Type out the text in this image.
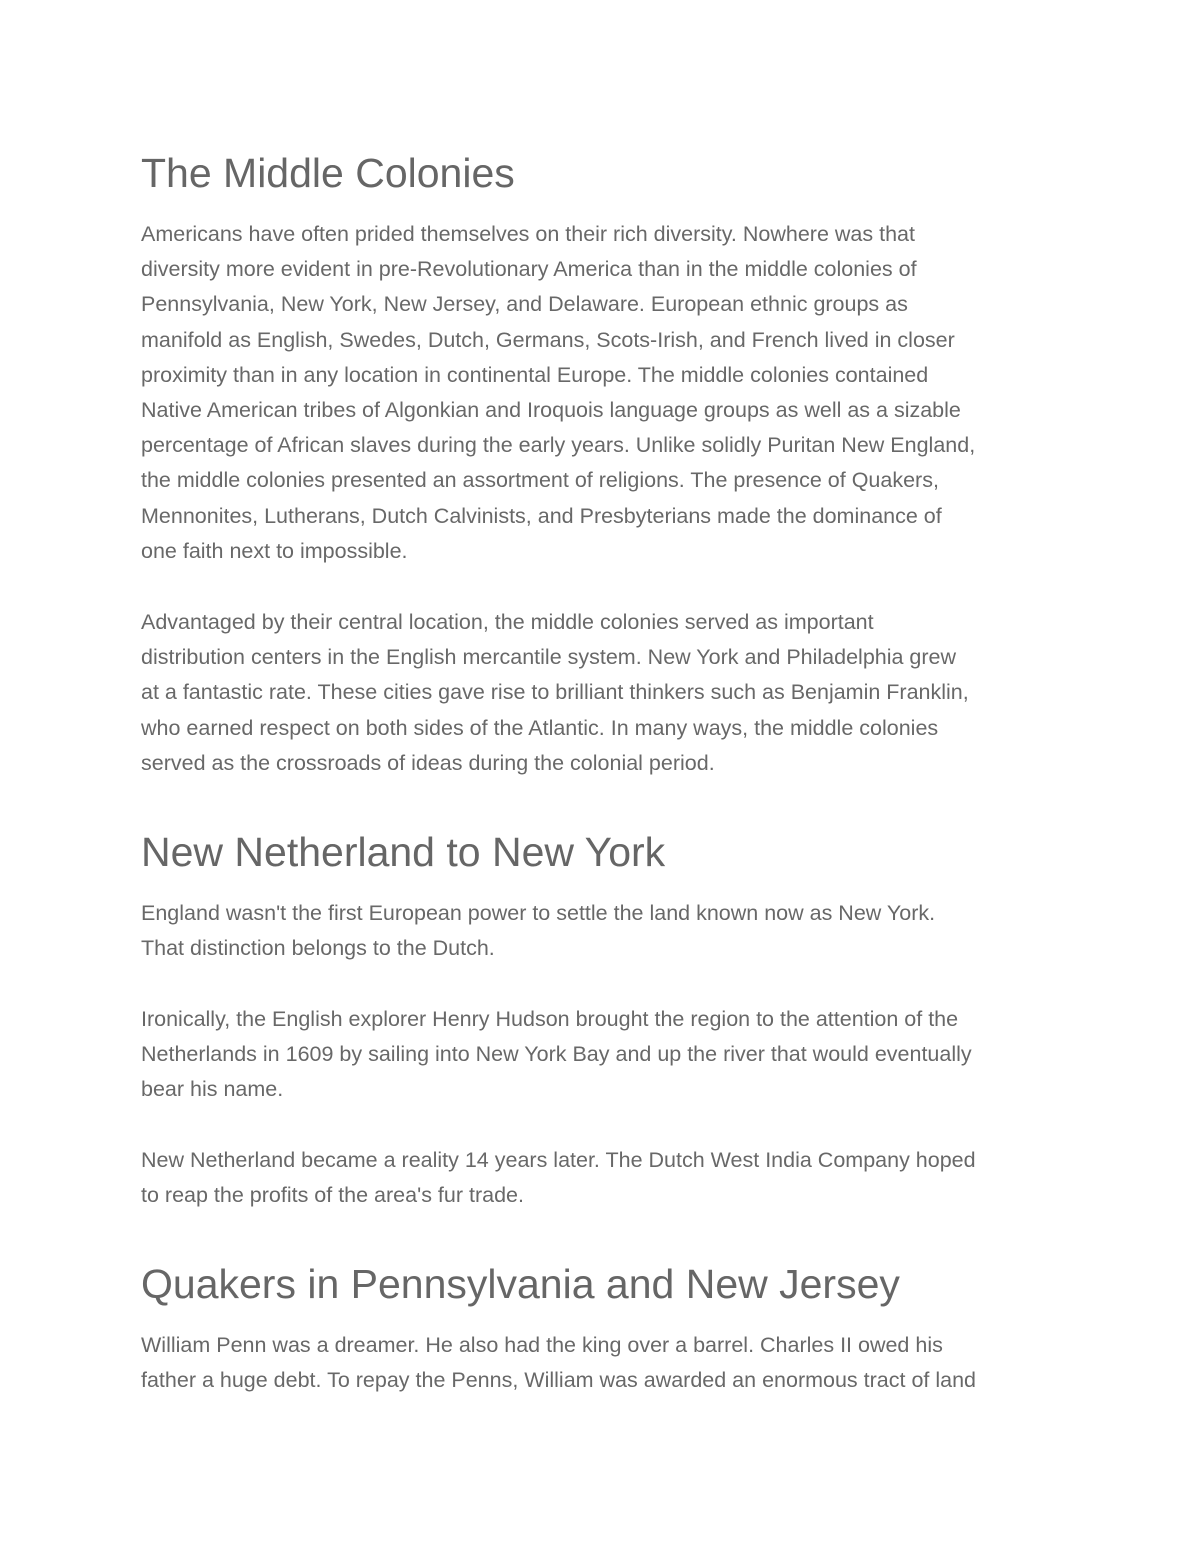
The Middle Colonies
Americans have often prided themselves on their rich diversity. Nowhere was that
diversity more evident in pre-Revolutionary America than in the middle colonies of
Pennsylvania, New York, New Jersey, and Delaware. European ethnic groups as
manifold as English, Swedes, Dutch, Germans, Scots-Irish, and French lived in closer
proximity than in any location in continental Europe. The middle colonies contained
Native American tribes of Algonkian and Iroquois language groups as well as a sizable
percentage of African slaves during the early years. Unlike solidly Puritan New England,
the middle colonies presented an assortment of religions. The presence of Quakers,
Mennonites, Lutherans, Dutch Calvinists, and Presbyterians made the dominance of
one faith next to impossible.
Advantaged by their central location, the middle colonies served as important
distribution centers in the English mercantile system. New York and Philadelphia grew
at a fantastic rate. These cities gave rise to brilliant thinkers such as Benjamin Franklin,
who earned respect on both sides of the Atlantic. In many ways, the middle colonies
served as the crossroads of ideas during the colonial period.
New Netherland to New York
England wasn't the first European power to settle the land known now as New York.
That distinction belongs to the Dutch.
Ironically, the English explorer Henry Hudson brought the region to the attention of the
Netherlands in 1609 by sailing into New York Bay and up the river that would eventually
bear his name.
New Netherland became a reality 14 years later. The Dutch West India Company hoped
to reap the profits of the area's fur trade.
Quakers in Pennsylvania and New Jersey
William Penn was a dreamer. He also had the king over a barrel. Charles II owed his
father a huge debt. To repay the Penns, William was awarded an enormous tract of land
